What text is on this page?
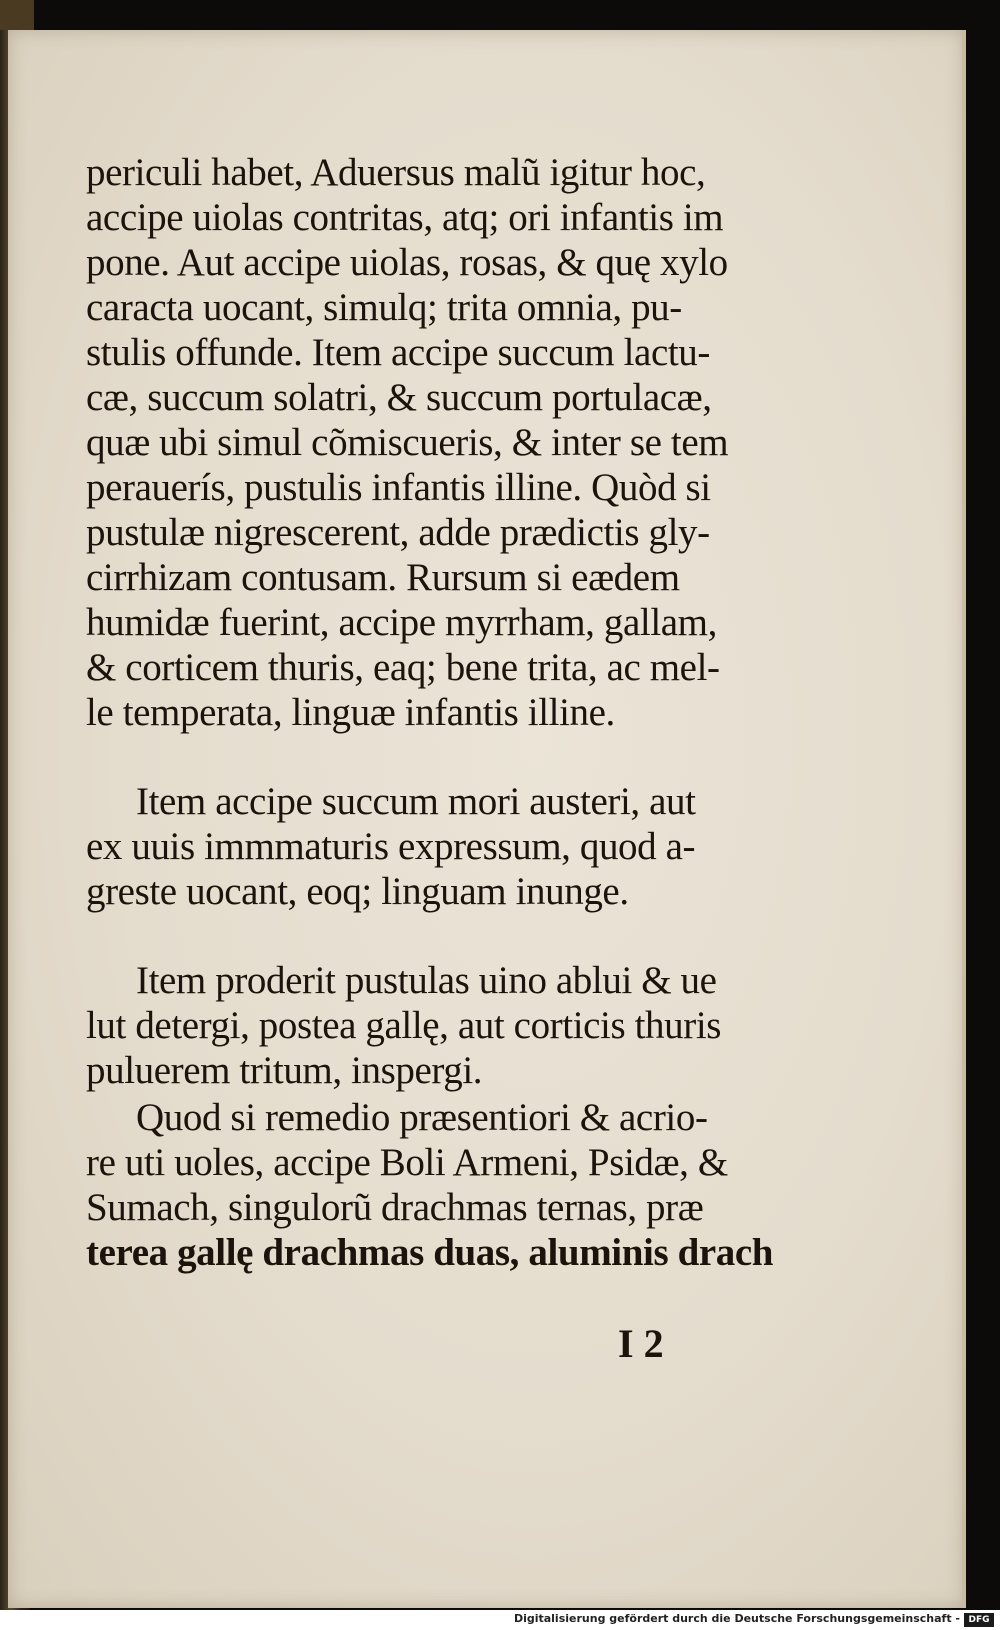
periculi habet, Aduersus malũ igitur hoc,
accipe uiolas contritas, atq; ori infantis im
pone. Aut accipe uiolas, rosas, & quę xylo
caracta uocant, simulq; trita omnia, pu-
stulis offunde. Item accipe succum lactu-
cæ, succum solatri, & succum portulacæ,
quæ ubi simul cõmiscueris, & inter se tem
perauerís, pustulis infantis illine. Quòd si
pustulæ nigrescerent, adde prædictis gly-
cirrhizam contusam. Rursum si eædem
humidæ fuerint, accipe myrrham, gallam,
& corticem thuris, eaq; bene trita, ac mel-
le temperata, linguæ infantis illine.
Item accipe succum mori austeri, aut
ex uuis immmaturis expressum, quod a-
greste uocant, eoq; linguam inunge.
Item proderit pustulas uino ablui & ue
lut detergi, postea gallę, aut corticis thuris
puluerem tritum, inspergi.
Quod si remedio præsentiori & acrio-
re uti uoles, accipe Boli Armeni, Psidæ, &
Sumach, singulorũ drachmas ternas, præ
terea gallę drachmas duas, aluminis drach
I 2
Digitalisierung gefördert durch die Deutsche Forschungsgemeinschaft - DFG
